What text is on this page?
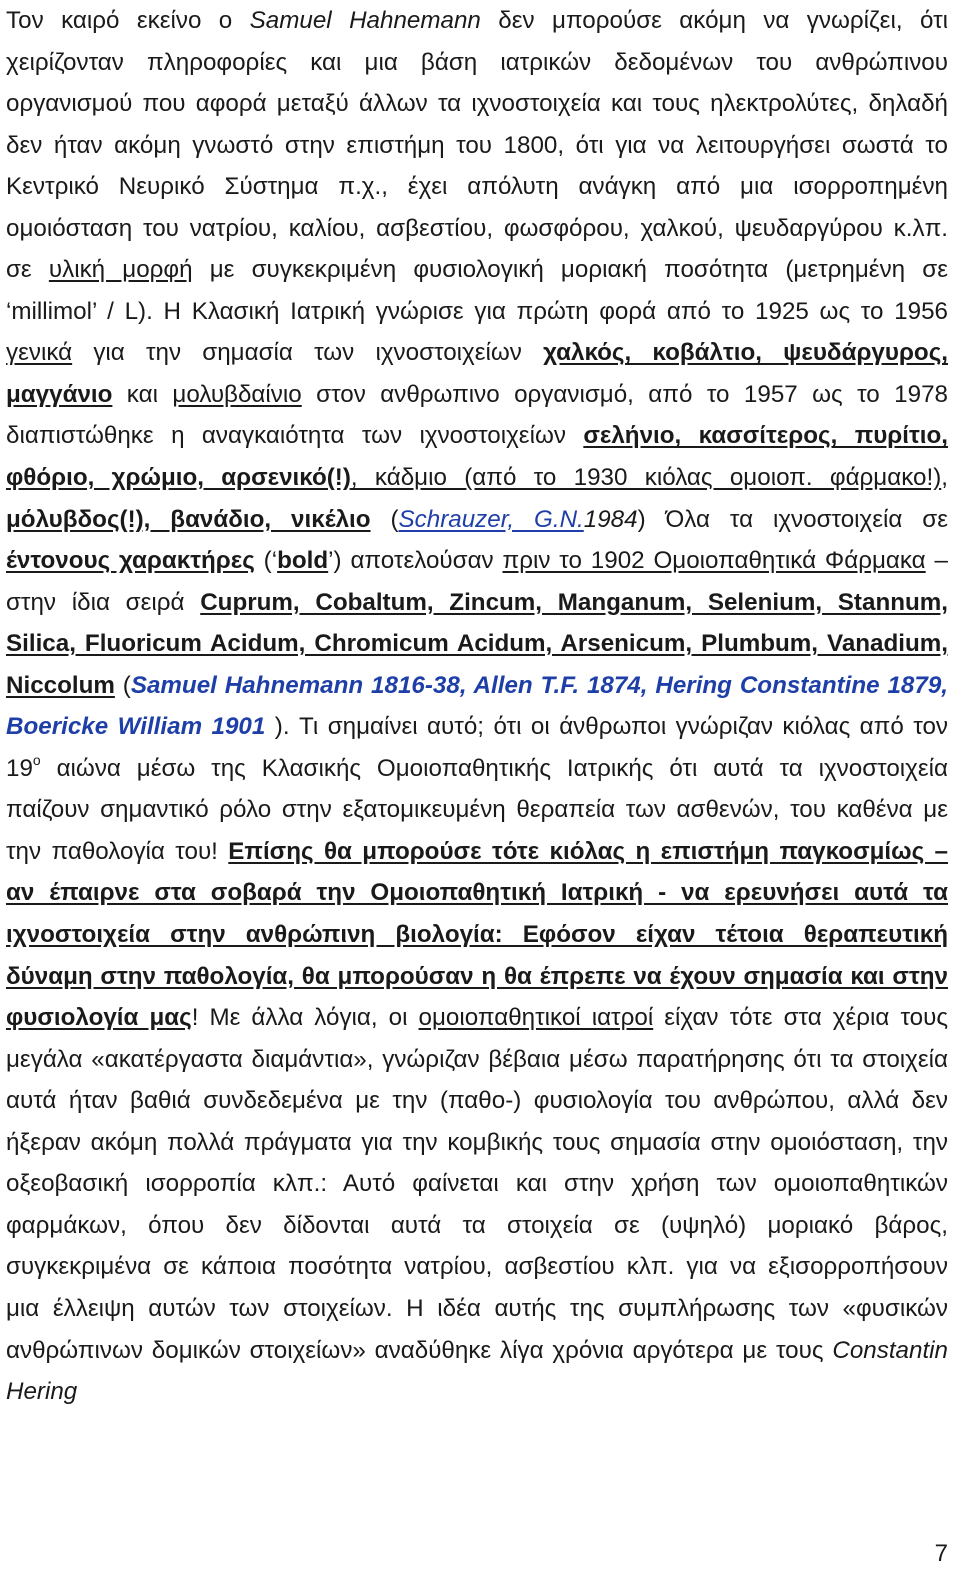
Τον καιρό εκείνο ο Samuel Hahnemann δεν μπορούσε ακόμη να γνωρίζει, ότι χειρίζονταν πληροφορίες και μια βάση ιατρικών δεδομένων του ανθρώπινου οργανισμού που αφορά μεταξύ άλλων τα ιχνοστοιχεία και τους ηλεκτρολύτες, δηλαδή δεν ήταν ακόμη γνωστό στην επιστήμη του 1800, ότι για να λειτουργήσει σωστά το Κεντρικό Νευρικό Σύστημα π.χ., έχει απόλυτη ανάγκη από μια ισορροπημένη ομοιόσταση του νατρίου, καλίου, ασβεστίου, φωσφόρου, χαλκού, ψευδαργύρου κ.λπ. σε υλική μορφή με συγκεκριμένη φυσιολογική μοριακή ποσότητα (μετρημένη σε ‘millimol’ / L). Η Κλασική Ιατρική γνώρισε για πρώτη φορά από το 1925 ως το 1956 γενικά για την σημασία των ιχνοστοιχείων χαλκός, κοβάλτιο, ψευδάργυρος, μαγγάνιο και μολυβδαίνιο στον ανθρωπινο οργανισμό, από το 1957 ως το 1978 διαπιστώθηκε η αναγκαιότητα των ιχνοστοιχείων σελήνιο, κασσίτερος, πυρίτιο, φθόριο, χρώμιο, αρσενικό(!), κάδμιο (από το 1930 κιόλας ομοιοπ. φάρμακο!), μόλυβδος(!), βανάδιο, νικέλιο (Schrauzer, G.N.1984) Όλα τα ιχνοστοιχεία σε έντονους χαρακτήρες (‘bold’) αποτελούσαν πριν το 1902 Ομοιοπαθητικά Φάρμακα – στην ίδια σειρά Cuprum, Cobaltum, Zincum, Manganum, Selenium, Stannum, Silica, Fluoricum Acidum, Chromicum Acidum, Arsenicum, Plumbum, Vanadium, Niccolum (Samuel Hahnemann 1816-38, Allen T.F. 1874, Hering Constantine 1879, Boericke William 1901 ). Τι σημαίνει αυτό; ότι οι άνθρωποι γνώριζαν κιόλας από τον $19^o$ αιώνα μέσω της Κλασικής Ομοιοπαθητικής Ιατρικής ότι αυτά τα ιχνοστοιχεία παίζουν σημαντικό ρόλο στην εξατομικευμένη θεραπεία των ασθενών, του καθένα με την παθολογία του! Επίσης θα μπορούσε τότε κιόλας η επιστήμη παγκοσμίως – αν έπαιρνε στα σοβαρά την Ομοιοπαθητική Ιατρική - να ερευνήσει αυτά τα ιχνοστοιχεία στην ανθρώπινη βιολογία: Εφόσον είχαν τέτοια θεραπευτική δύναμη στην παθολογία, θα μπορούσαν η θα έπρεπε να έχουν σημασία και στην φυσιολογία μας! Με άλλα λόγια, οι ομοιοπαθητικοί ιατροί είχαν τότε στα χέρια τους μεγάλα «ακατέργαστα διαμάντια», γνώριζαν βέβαια μέσω παρατήρησης ότι τα στοιχεία αυτά ήταν βαθιά συνδεδεμένα με την (παθο-) φυσιολογία του ανθρώπου, αλλά δεν ήξεραν ακόμη πολλά πράγματα για την κομβικής τους σημασία στην ομοιόσταση, την οξεοβασική ισορροπία κλπ.: Αυτό φαίνεται και στην χρήση των ομοιοπαθητικών φαρμάκων, όπου δεν δίδονται αυτά τα στοιχεία σε (υψηλό) μοριακό βάρος, συγκεκριμένα σε κάποια ποσότητα νατρίου, ασβεστίου κλπ. για να εξισορροπήσουν μια έλλειψη αυτών των στοιχείων. Η ιδέα αυτής της συμπλήρωσης των «φυσικών ανθρώπινων δομικών στοιχείων» αναδύθηκε λίγα χρόνια αργότερα με τους Constantin Hering

7
